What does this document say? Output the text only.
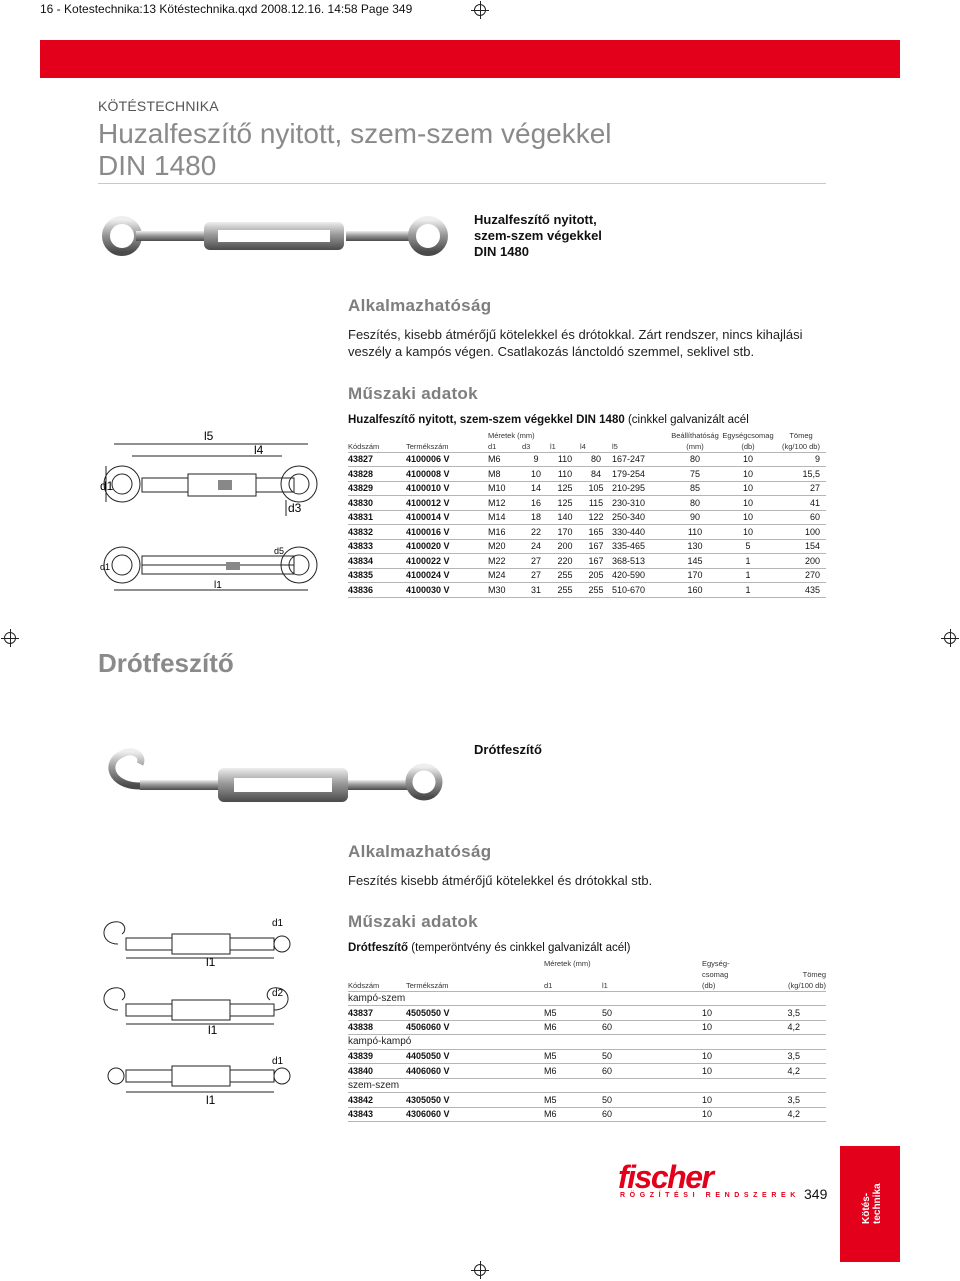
16 - Kotestechnika:13 Kötéstechnika.qxd 2008.12.16. 14:58 Page 349
KÖTÉSTECHNIKA
Huzalfeszítő nyitott, szem-szem végekkel
DIN 1480
Huzalfeszítő nyitott,
szem-szem végekkel
DIN 1480
Alkalmazhatóság
Feszítés, kisebb átmérőjű kötelekkel és drótokkal. Zárt rendszer, nincs kihajlási
veszély a kampós végen. Csatlakozás lánctoldó szemmel, seklivel stb.
Műszaki adatok
l5
l4
d1
d3
l1
d5
d1
Huzalfeszítő nyitott, szem-szem végekkel DIN 1480 (cinkkel galvanizált acél
		Méretek (mm)					Beállíthatóság	Egységcsomag	Tömeg
Kódszám	Termékszám	d1	d3	l1	l4	l5	(mm)	(db)	(kg/100 db)
43827	4100006 V	M6	9	110	80	167-247	80	10	9
43828	4100008 V	M8	10	110	84	179-254	75	10	15,5
43829	4100010 V	M10	14	125	105	210-295	85	10	27
43830	4100012 V	M12	16	125	115	230-310	80	10	41
43831	4100014 V	M14	18	140	122	250-340	90	10	60
43832	4100016 V	M16	22	170	165	330-440	110	10	100
43833	4100020 V	M20	24	200	167	335-465	130	5	154
43834	4100022 V	M22	27	220	167	368-513	145	1	200
43835	4100024 V	M24	27	255	205	420-590	170	1	270
43836	4100030 V	M30	31	255	255	510-670	160	1	435
Drótfeszítő
Drótfeszítő
Alkalmazhatóság
Feszítés kisebb átmérőjű kötelekkel és drótokkal stb.
Műszaki adatok
d1
l1
d2
l1
d1
l1
Drótfeszítő (temperöntvény és cinkkel galvanizált acél)
		Méretek (mm)		Egység-	
				csomag	Tömeg
Kódszám	Termékszám	d1	l1	(db)	(kg/100 db)
kampó-szem					
43837	4505050 V	M5	50	10	3,5
43838	4506060 V	M6	60	10	4,2
kampó-kampó					
43839	4405050 V	M5	50	10	3,5
43840	4406060 V	M6	60	10	4,2
szem-szem					
43842	4305050 V	M5	50	10	3,5
43843	4306060 V	M6	60	10	4,2
fischer
RÖGZÍTÉSI RENDSZEREK 349	Kötés- technika
